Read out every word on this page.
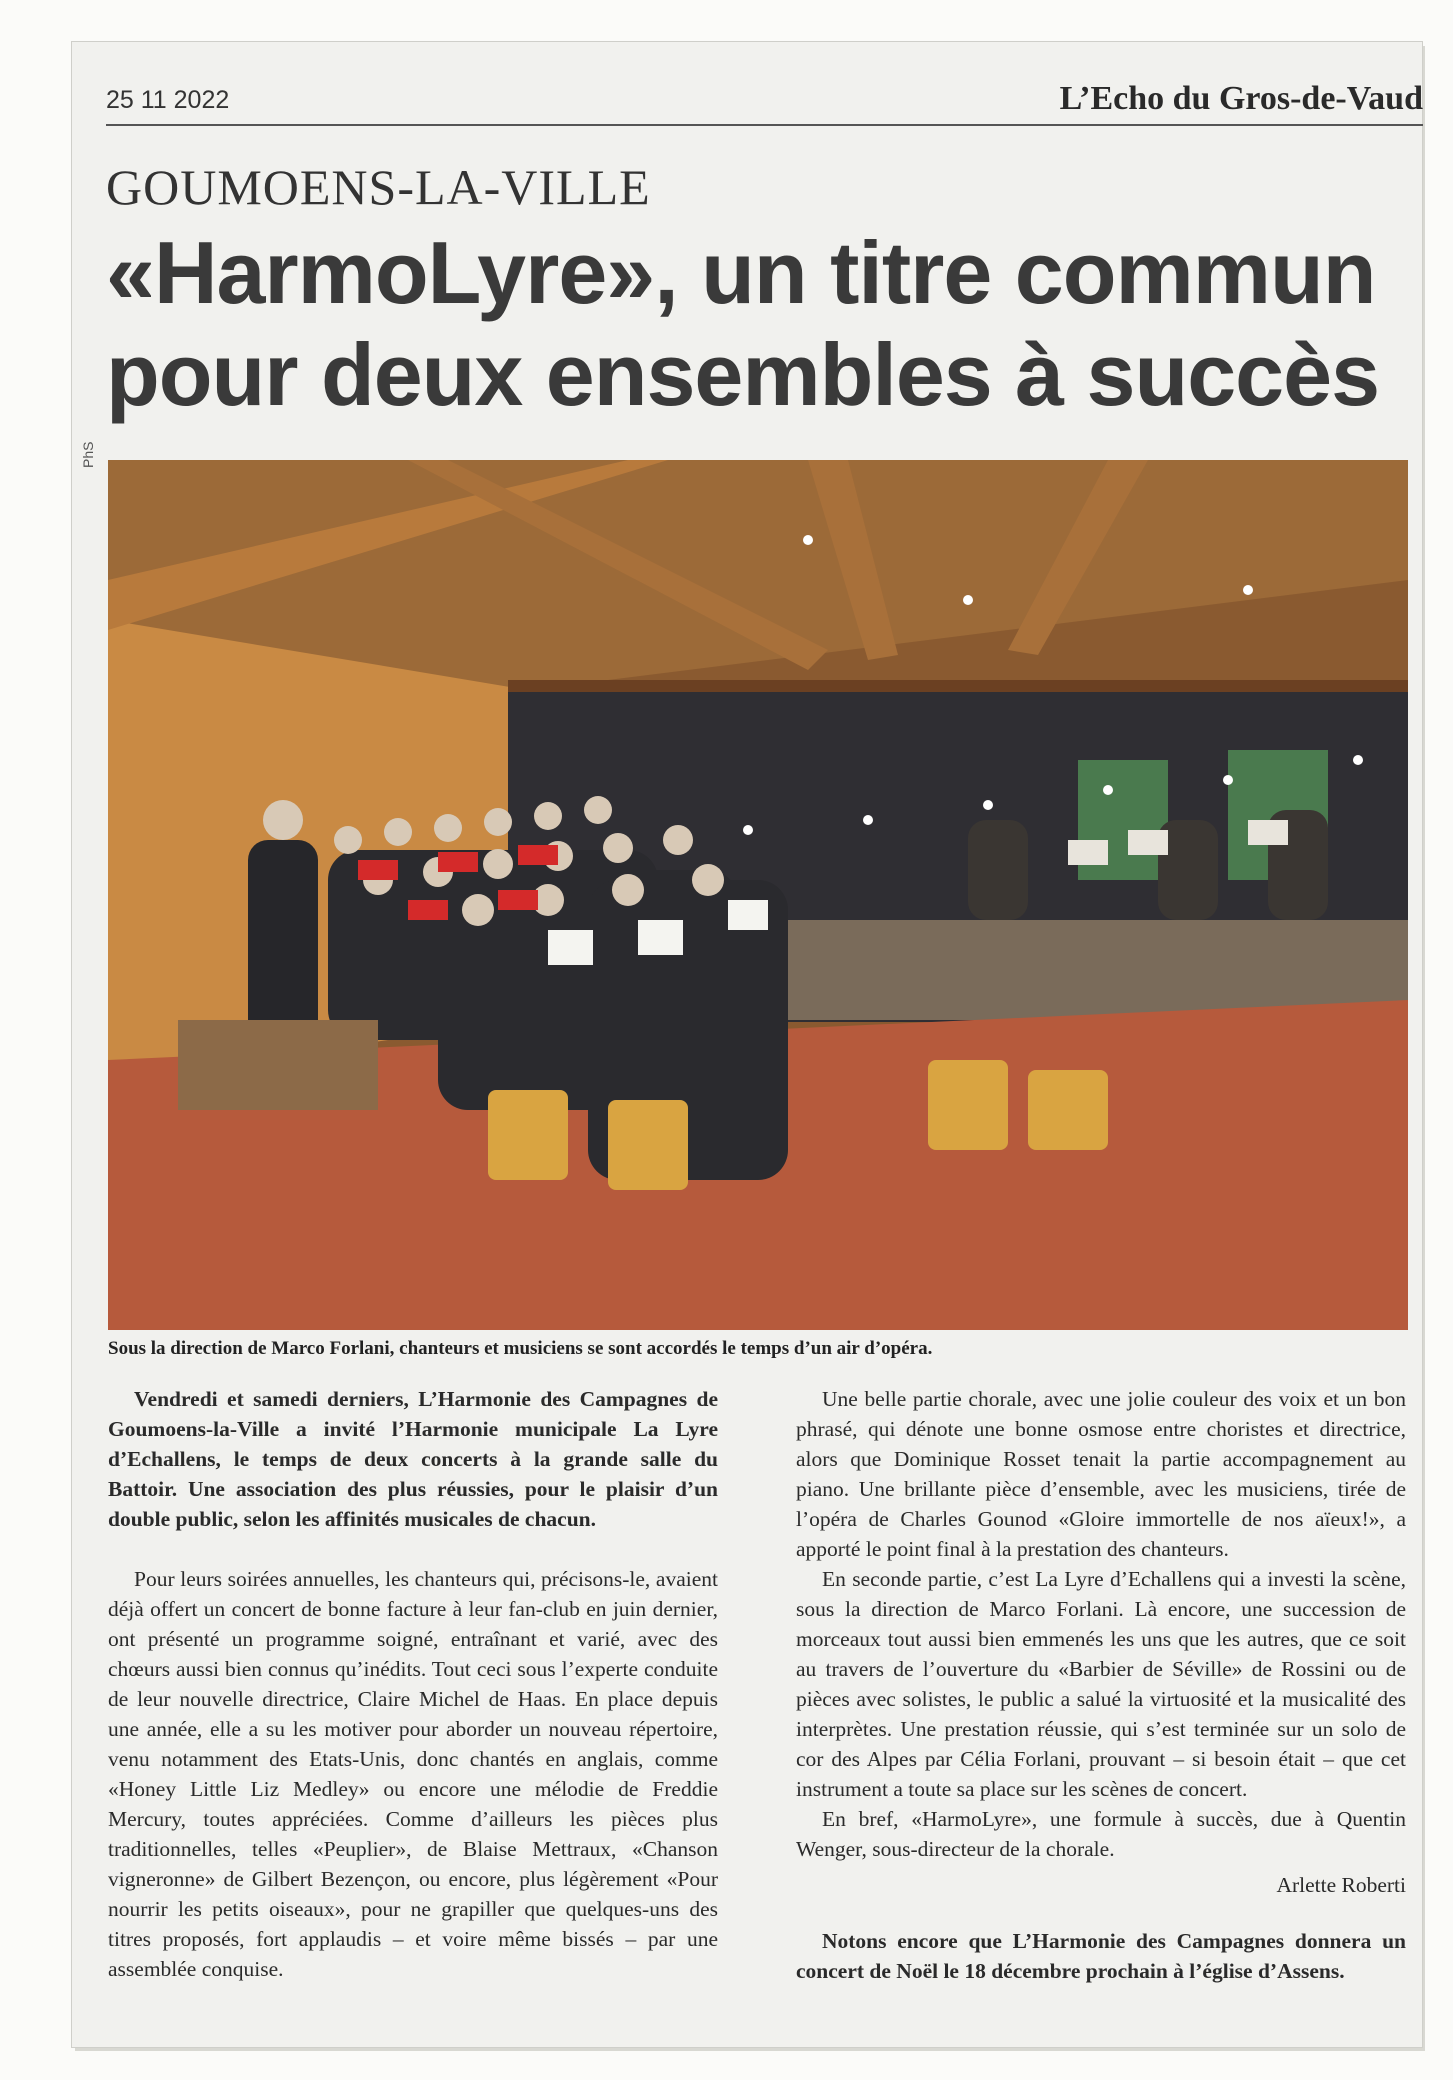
25 11 2022	L’Echo du Gros-de-Vaud
GOUMOENS-LA-VILLE
«HarmoLyre», un titre commun
pour deux ensembles à succès
PhS
Sous la direction de Marco Forlani, chanteurs et musiciens se sont accordés le temps d’un air d’opéra.

Vendredi et samedi derniers, L’Harmonie des Campagnes de Goumoens-la-Ville a invité l’Harmonie municipale La Lyre d’Echallens, le temps de deux concerts à la grande salle du Battoir. Une association des plus réussies, pour le plaisir d’un double public, selon les affinités musicales de chacun.

Pour leurs soirées annuelles, les chanteurs qui, précisons-le, avaient déjà offert un concert de bonne facture à leur fan-club en juin dernier, ont présenté un programme soigné, entraînant et varié, avec des chœurs aussi bien connus qu’inédits. Tout ceci sous l’experte conduite de leur nouvelle directrice, Claire Michel de Haas. En place depuis une année, elle a su les motiver pour aborder un nouveau répertoire, venu notamment des Etats-Unis, donc chantés en anglais, comme «Honey Little Liz Medley» ou encore une mélodie de Freddie Mercury, toutes appréciées. Comme d’ailleurs les pièces plus traditionnelles, telles «Peuplier», de Blaise Mettraux, «Chanson vigneronne» de Gilbert Bezençon, ou encore, plus légèrement «Pour nourrir les petits oiseaux», pour ne grapiller que quelques-uns des titres proposés, fort applaudis – et voire même bissés – par une assemblée conquise.

Une belle partie chorale, avec une jolie couleur des voix et un bon phrasé, qui dénote une bonne osmose entre choristes et directrice, alors que Dominique Rosset tenait la partie accompagnement au piano. Une brillante pièce d’ensemble, avec les musiciens, tirée de l’opéra de Charles Gounod «Gloire immortelle de nos aïeux!», a apporté le point final à la prestation des chanteurs.

En seconde partie, c’est La Lyre d’Echallens qui a investi la scène, sous la direction de Marco Forlani. Là encore, une succession de morceaux tout aussi bien emmenés les uns que les autres, que ce soit au travers de l’ouverture du «Barbier de Séville» de Rossini ou de pièces avec solistes, le public a salué la virtuosité et la musicalité des interprètes. Une prestation réussie, qui s’est terminée sur un solo de cor des Alpes par Célia Forlani, prouvant – si besoin était – que cet instrument a toute sa place sur les scènes de concert.

En bref, «HarmoLyre», une formule à succès, due à Quentin Wenger, sous-directeur de la chorale.

Arlette Roberti

Notons encore que L’Harmonie des Campagnes donnera un concert de Noël le 18 décembre prochain à l’église d’Assens.
